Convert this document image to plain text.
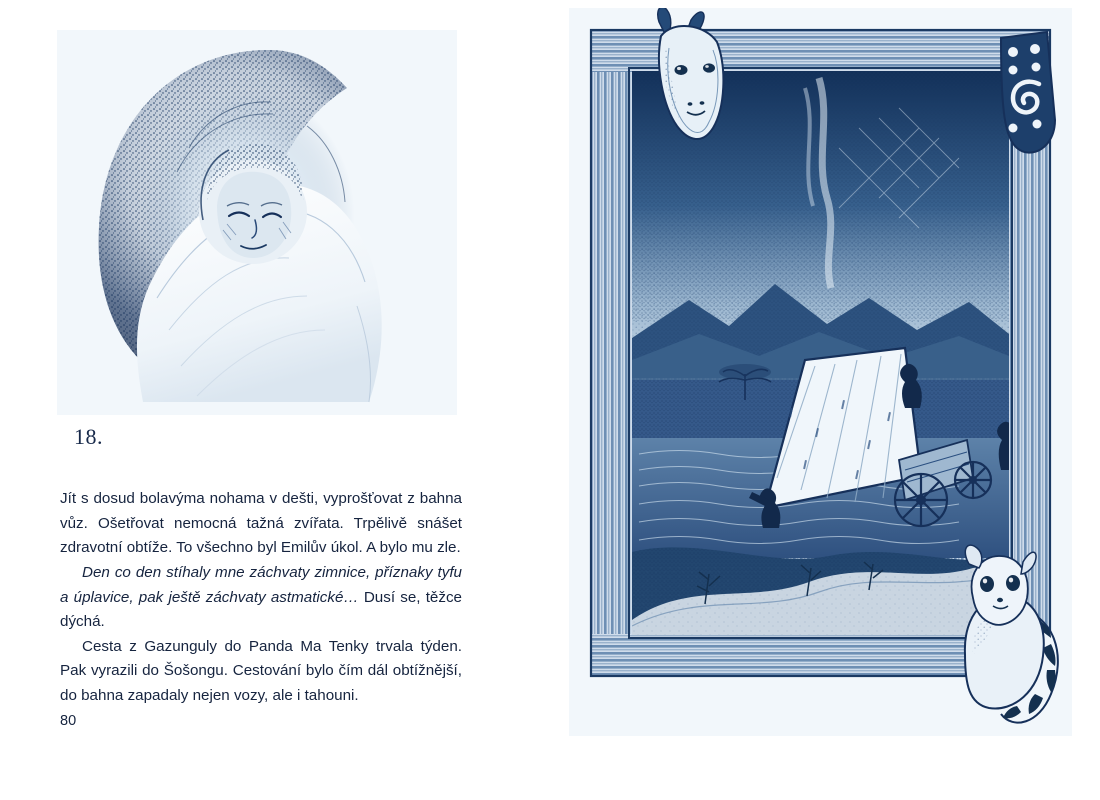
18.

Jít s dosud bolavýma nohama v dešti, vyprošťovat z bahna vůz. Ošetřovat nemocná tažná zvířata. Trpělivě snášet zdravotní obtíže. To všechno byl Emilův úkol. A bylo mu zle.

Den co den stíhaly mne záchvaty zimnice, příznaky tyfu a úplavice, pak ještě záchvaty astmatické… Dusí se, těžce dýchá.

Cesta z Gazunguly do Panda Ma Tenky trvala týden. Pak vyrazili do Šošongu. Cestování bylo čím dál obtížnější, do bahna zapadaly nejen vozy, ale i tahouni.

80
